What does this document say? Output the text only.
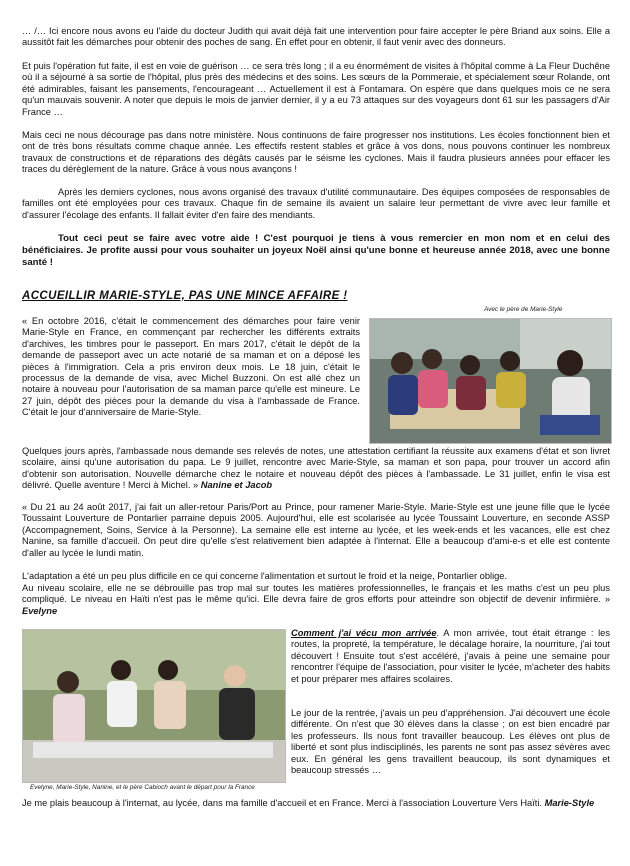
… /… Ici encore nous avons eu l'aide du docteur Judith qui avait déjà fait une intervention pour faire accepter le père Briand aux soins. Elle a aussitôt fait les démarches pour obtenir des poches de sang. En effet pour en obtenir, il faut venir avec des donneurs.

Et puis l'opération fut faite, il est en voie de guérison … ce sera très long ; il a eu énormément de visites à l'hôpital comme à La Fleur Duchêne où il a séjourné à sa sortie de l'hôpital, plus près des médecins et des soins. Les sœurs de la Pommeraie, et spécialement sœur Rolande, ont été admirables, faisant les pansements, l'encourageant … Actuellement il est à Fontamara. On espère que dans quelques mois ce ne sera qu'un mauvais souvenir. A noter que depuis le mois de janvier dernier, il y a eu 73 attaques sur des voyageurs dont 61 sur les passagers d'Air France …

Mais ceci ne nous décourage pas dans notre ministère. Nous continuons de faire progresser nos institutions. Les écoles fonctionnent bien et ont de très bons résultats comme chaque année. Les effectifs restent stables et grâce à vos dons, nous pouvons continuer les nombreux travaux de constructions et de réparations des dégâts causés par le séisme les cyclones. Mais il faudra plusieurs années pour effacer les traces du dérèglement de la nature. Grâce à vous nous avançons !

Après les derniers cyclones, nous avons organisé des travaux d'utilité communautaire. Des équipes composées de responsables de familles ont été employées pour ces travaux. Chaque fin de semaine ils avaient un salaire leur permettant de vivre avec leur famille et d'assurer l'écolage des enfants. Il fallait éviter d'en faire des mendiants.

Tout ceci peut se faire avec votre aide ! C'est pourquoi je tiens à vous remercier en mon nom et en celui des bénéficiaires. Je profite aussi pour vous souhaiter un joyeux Noël ainsi qu'une bonne et heureuse année 2018, avec une bonne santé !

ACCUEILLIR MARIE-STYLE, PAS UNE MINCE AFFAIRE !
Avec le père de Marie-Style

« En octobre 2016, c'était le commencement des démarches pour faire venir Marie-Style en France, en commençant par rechercher les différents extraits d'archives, les timbres pour le passeport. En mars 2017, c'était le dépôt de la demande de passeport avec un acte notarié de sa maman et on a déposé les pièces à l'immigration. Cela a pris environ deux mois. Le 18 juin, c'était le processus de la demande de visa, avec Michel Buzzoni. On est allé chez un notaire à nouveau pour l'autorisation de sa maman parce qu'elle est mineure. Le 27 juin, dépôt des pièces pour la demande du visa à l'ambassade de France. C'était le jour d'anniversaire de Marie-Style.

Quelques jours après, l'ambassade nous demande ses relevés de notes, une attestation certifiant la réussite aux examens d'état et son livret scolaire, ainsi qu'une autorisation du papa. Le 9 juillet, rencontre avec Marie-Style, sa maman et son papa, pour trouver un accord afin d'obtenir son autorisation. Nouvelle démarche chez le notaire et nouveau dépôt des pièces à l'ambassade. Le 31 juillet, enfin le visa est délivré. Quelle aventure ! Merci à Michel. » Nanine et Jacob

« Du 21 au 24 août 2017, j'ai fait un aller-retour Paris/Port au Prince, pour ramener Marie-Style. Marie-Style est une jeune fille que le lycée Toussaint Louverture de Pontarlier parraine depuis 2005. Aujourd'hui, elle est scolarisée au lycée Toussaint Louverture, en seconde ASSP (Accompagnement, Soins, Service à la Personne). La semaine elle est interne au lycée, et les week-ends et les vacances, elle est chez Nanine, sa famille d'accueil. On peut dire qu'elle s'est relativement bien adaptée à l'internat. Elle a beaucoup d'ami-e-s et elle est contente d'aller au lycée le lundi matin.

L'adaptation a été un peu plus difficile en ce qui concerne l'alimentation et surtout le froid et la neige, Pontarlier oblige.

Au niveau scolaire, elle ne se débrouille pas trop mal sur toutes les matières professionnelles, le français et les maths c'est un peu plus compliqué. Le niveau en Haïti n'est pas le même qu'ici. Elle devra faire de gros efforts pour atteindre son objectif de devenir infirmière. » Evelyne

Evelyne, Marie-Style, Nanine, et le père Cabioch avant le départ pour la France

Comment j'ai vécu mon arrivée. A mon arrivée, tout était étrange : les routes, la propreté, la température, le décalage horaire, la nourriture, j'ai tout découvert ! Ensuite tout s'est accéléré, j'avais à peine une semaine pour rencontrer l'équipe de l'association, pour visiter le lycée, m'acheter des habits et pour préparer mes affaires scolaires.

Le jour de la rentrée, j'avais un peu d'appréhension. J'ai découvert une école différente. On n'est que 30 élèves dans la classe ; on est bien encadré par les professeurs. Ils nous font travailler beaucoup. Les élèves ont plus de liberté et sont plus indisciplinés, les parents ne sont pas assez sévères avec eux. En général les gens travaillent beaucoup, ils sont dynamiques et beaucoup stressés …

Je me plais beaucoup à l'internat, au lycée, dans ma famille d'accueil et en France. Merci à l'association Louverture Vers Haïti. Marie-Style
